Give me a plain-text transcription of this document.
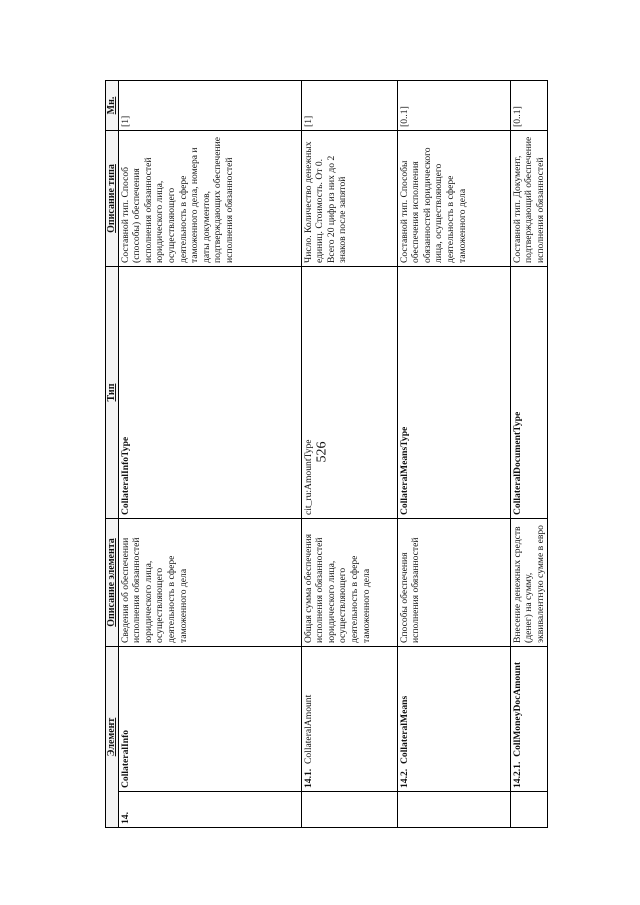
526
Элемент		Описание элемента	Тип	Описание типа	Мн.
14.	CollateralInfo	Сведения об обеспечении исполнения обязанностей юридического лица, осуществляющего деятельность в сфере таможенного дела	CollateralInfoType	Составной тип. Способ (способы) обеспечения исполнения обязанностей юридического лица, осуществляющего деятельность в сфере таможенного дела, номера и даты документов, подтверждающих обеспечение исполнения обязанностей	[1]
	14.1.  CollateralAmount	Общая сумма обеспечения исполнения обязанностей юридического лица, осуществляющего деятельность в сфере таможенного дела	cit_ru:AmountType	Число. Количество денежных единиц. Стоимость. От 0. Всего 20 цифр из них до 2 знаков после запятой	[1]
	14.2.  CollateralMeans	Способы обеспечения исполнения обязанностей	CollateralMeansType	Составной тип. Способы обеспечения исполнения обязанностей юридического лица, осуществляющего деятельность в сфере таможенного дела	[0..1]
	14.2.1.  CollMoneyDocAmount	Внесение денежных средств (денег) на сумму, эквивалентную сумме в евро	CollateralDocumentType	Составной тип. Документ, подтверждающий обеспечение исполнения обязанностей	[0..1]
